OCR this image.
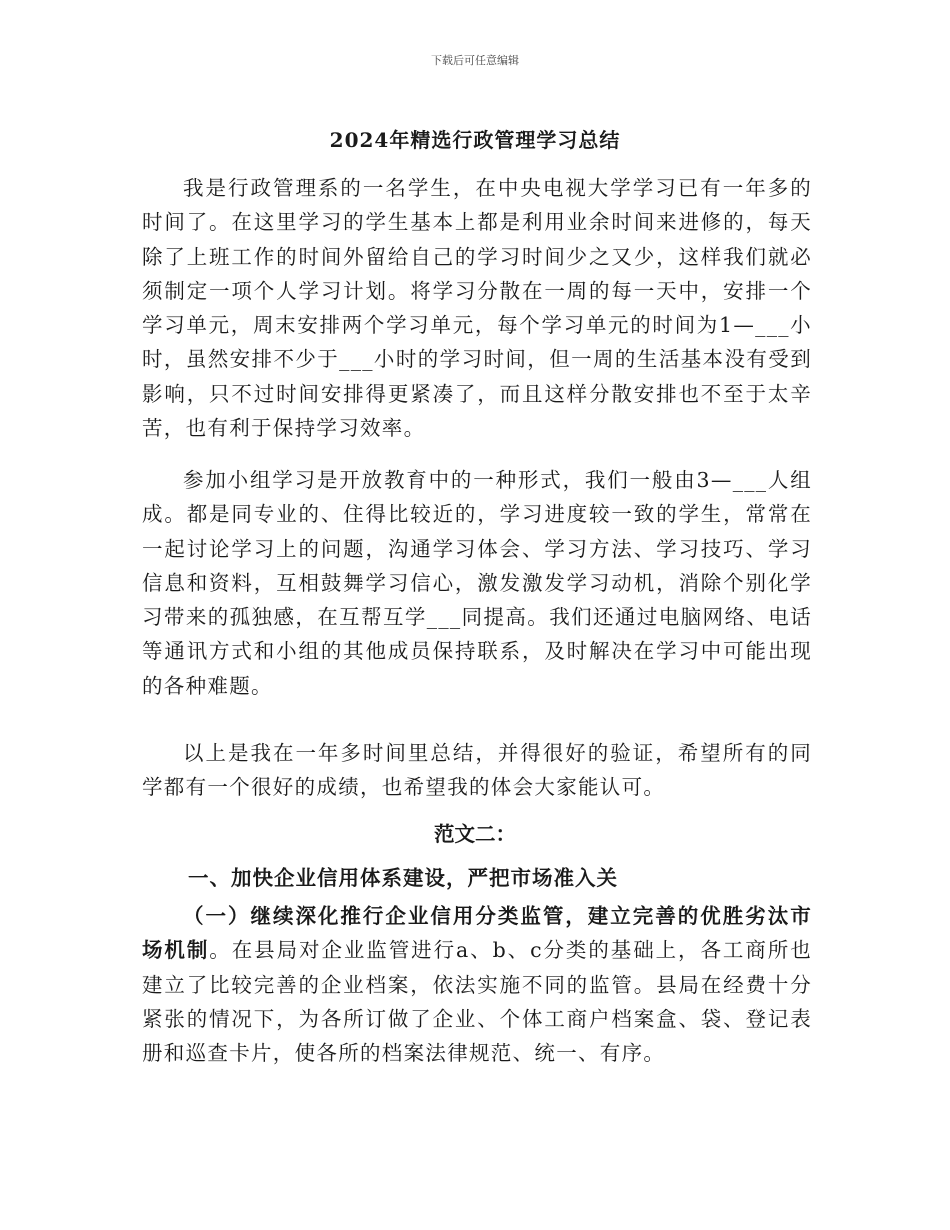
下载后可任意编辑
2024年精选行政管理学习总结

我是行政管理系的一名学生，在中央电视大学学习已有一年多的时间了。在这里学习的学生基本上都是利用业余时间来进修的，每天除了上班工作的时间外留给自己的学习时间少之又少，这样我们就必须制定一项个人学习计划。将学习分散在一周的每一天中，安排一个学习单元，周末安排两个学习单元，每个学习单元的时间为1—___小时，虽然安排不少于___小时的学习时间，但一周的生活基本没有受到影响，只不过时间安排得更紧凑了，而且这样分散安排也不至于太辛苦，也有利于保持学习效率。

参加小组学习是开放教育中的一种形式，我们一般由3—___人组成。都是同专业的、住得比较近的，学习进度较一致的学生，常常在一起讨论学习上的问题，沟通学习体会、学习方法、学习技巧、学习信息和资料，互相鼓舞学习信心，激发激发学习动机，消除个别化学习带来的孤独感，在互帮互学___同提高。我们还通过电脑网络、电话等通讯方式和小组的其他成员保持联系，及时解决在学习中可能出现的各种难题。

以上是我在一年多时间里总结，并得很好的验证，希望所有的同学都有一个很好的成绩，也希望我的体会大家能认可。

范文二：
一、加快企业信用体系建设，严把市场准入关

（一）继续深化推行企业信用分类监管，建立完善的优胜劣汰市场机制。在县局对企业监管进行a、b、c分类的基础上，各工商所也建立了比较完善的企业档案，依法实施不同的监管。县局在经费十分紧张的情况下，为各所订做了企业、个体工商户档案盒、袋、登记表册和巡查卡片，使各所的档案法律规范、统一、有序。
